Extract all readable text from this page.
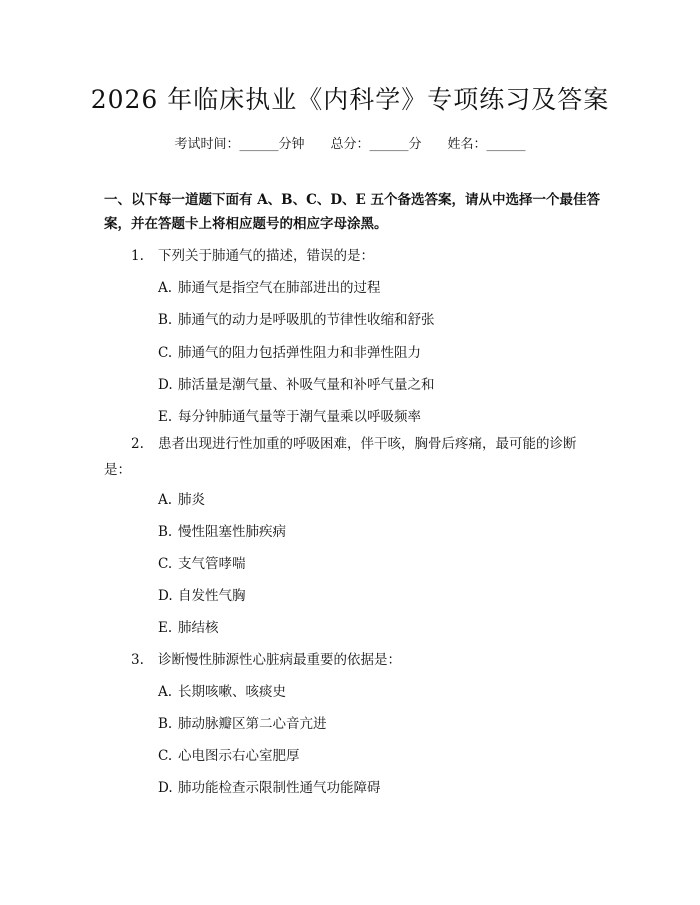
2026 年临床执业《内科学》专项练习及答案
考试时间：______分钟 总分：______分 姓名：______
一、以下每一道题下面有 A、B、C、D、E 五个备选答案，请从中选择一个最佳答案，并在答题卡上将相应题号的相应字母涂黑。
1. 下列关于肺通气的描述，错误的是：
A. 肺通气是指空气在肺部进出的过程
B. 肺通气的动力是呼吸肌的节律性收缩和舒张
C. 肺通气的阻力包括弹性阻力和非弹性阻力
D. 肺活量是潮气量、补吸气量和补呼气量之和
E. 每分钟肺通气量等于潮气量乘以呼吸频率
2. 患者出现进行性加重的呼吸困难，伴干咳，胸骨后疼痛，最可能的诊断是：
A. 肺炎
B. 慢性阻塞性肺疾病
C. 支气管哮喘
D. 自发性气胸
E. 肺结核
3. 诊断慢性肺源性心脏病最重要的依据是：
A. 长期咳嗽、咳痰史
B. 肺动脉瓣区第二心音亢进
C. 心电图示右心室肥厚
D. 肺功能检查示限制性通气功能障碍
